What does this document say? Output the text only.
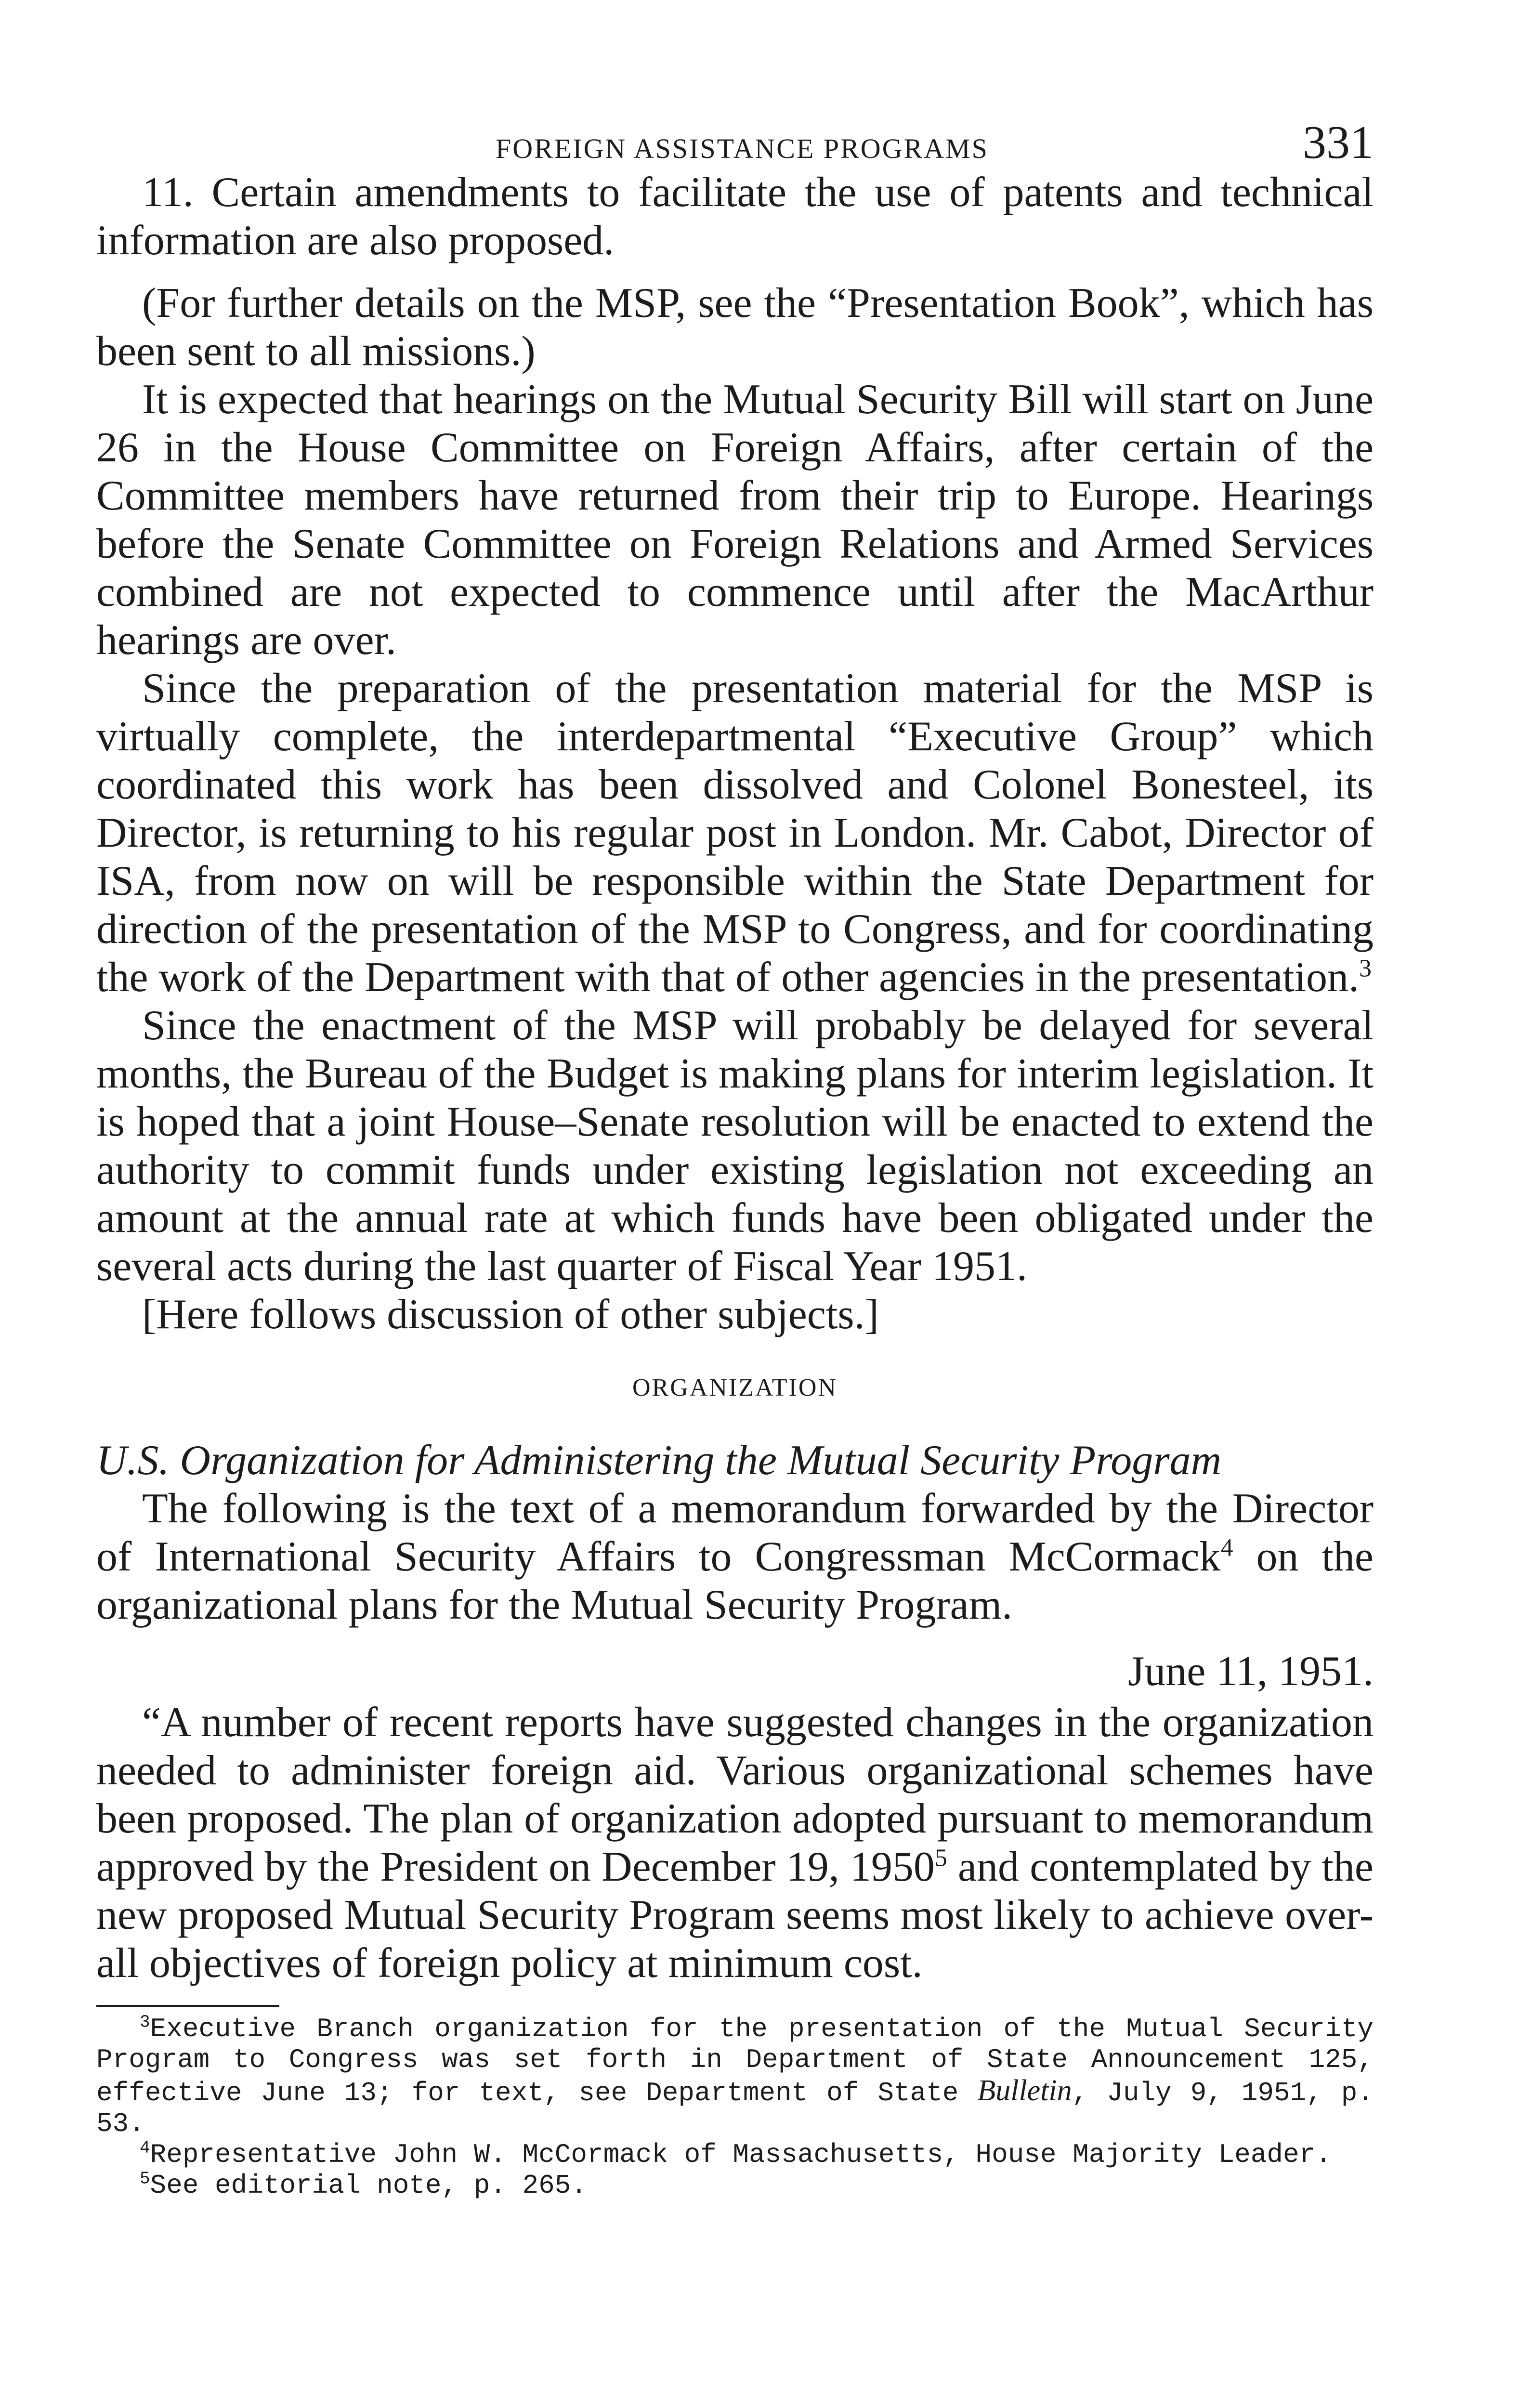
FOREIGN ASSISTANCE PROGRAMS	331

11. Certain amendments to facilitate the use of patents and technical information are also proposed.

(For further details on the MSP, see the “Presentation Book”, which has been sent to all missions.)

It is expected that hearings on the Mutual Security Bill will start on June 26 in the House Committee on Foreign Affairs, after certain of the Committee members have returned from their trip to Europe. Hearings before the Senate Committee on Foreign Relations and Armed Services combined are not expected to commence until after the MacArthur hearings are over.

Since the preparation of the presentation material for the MSP is virtually complete, the interdepartmental “Executive Group” which coordinated this work has been dissolved and Colonel Bonesteel, its Director, is returning to his regular post in London. Mr. Cabot, Director of ISA, from now on will be responsible within the State Department for direction of the presentation of the MSP to Congress, and for coordinating the work of the Department with that of other agencies in the presentation.$^3$

Since the enactment of the MSP will probably be delayed for several months, the Bureau of the Budget is making plans for interim legislation. It is hoped that a joint House–Senate resolution will be enacted to extend the authority to commit funds under existing legislation not exceeding an amount at the annual rate at which funds have been obligated under the several acts during the last quarter of Fiscal Year 1951.

[Here follows discussion of other subjects.]

ORGANIZATION

U.S. Organization for Administering the Mutual Security Program

The following is the text of a memorandum forwarded by the Director of International Security Affairs to Congressman McCormack$^4$ on the organizational plans for the Mutual Security Program.

June 11, 1951.

“A number of recent reports have suggested changes in the organization needed to administer foreign aid. Various organizational schemes have been proposed. The plan of organization adopted pursuant to memorandum approved by the President on December 19, 1950$^5$ and contemplated by the new proposed Mutual Security Program seems most likely to achieve over-all objectives of foreign policy at minimum cost.

$^3$Executive Branch organization for the presentation of the Mutual Security Program to Congress was set forth in Department of State Announcement 125, effective June 13; for text, see Department of State Bulletin, July 9, 1951, p. 53.

$^4$Representative John W. McCormack of Massachusetts, House Majority Leader.

$^5$See editorial note, p. 265.
